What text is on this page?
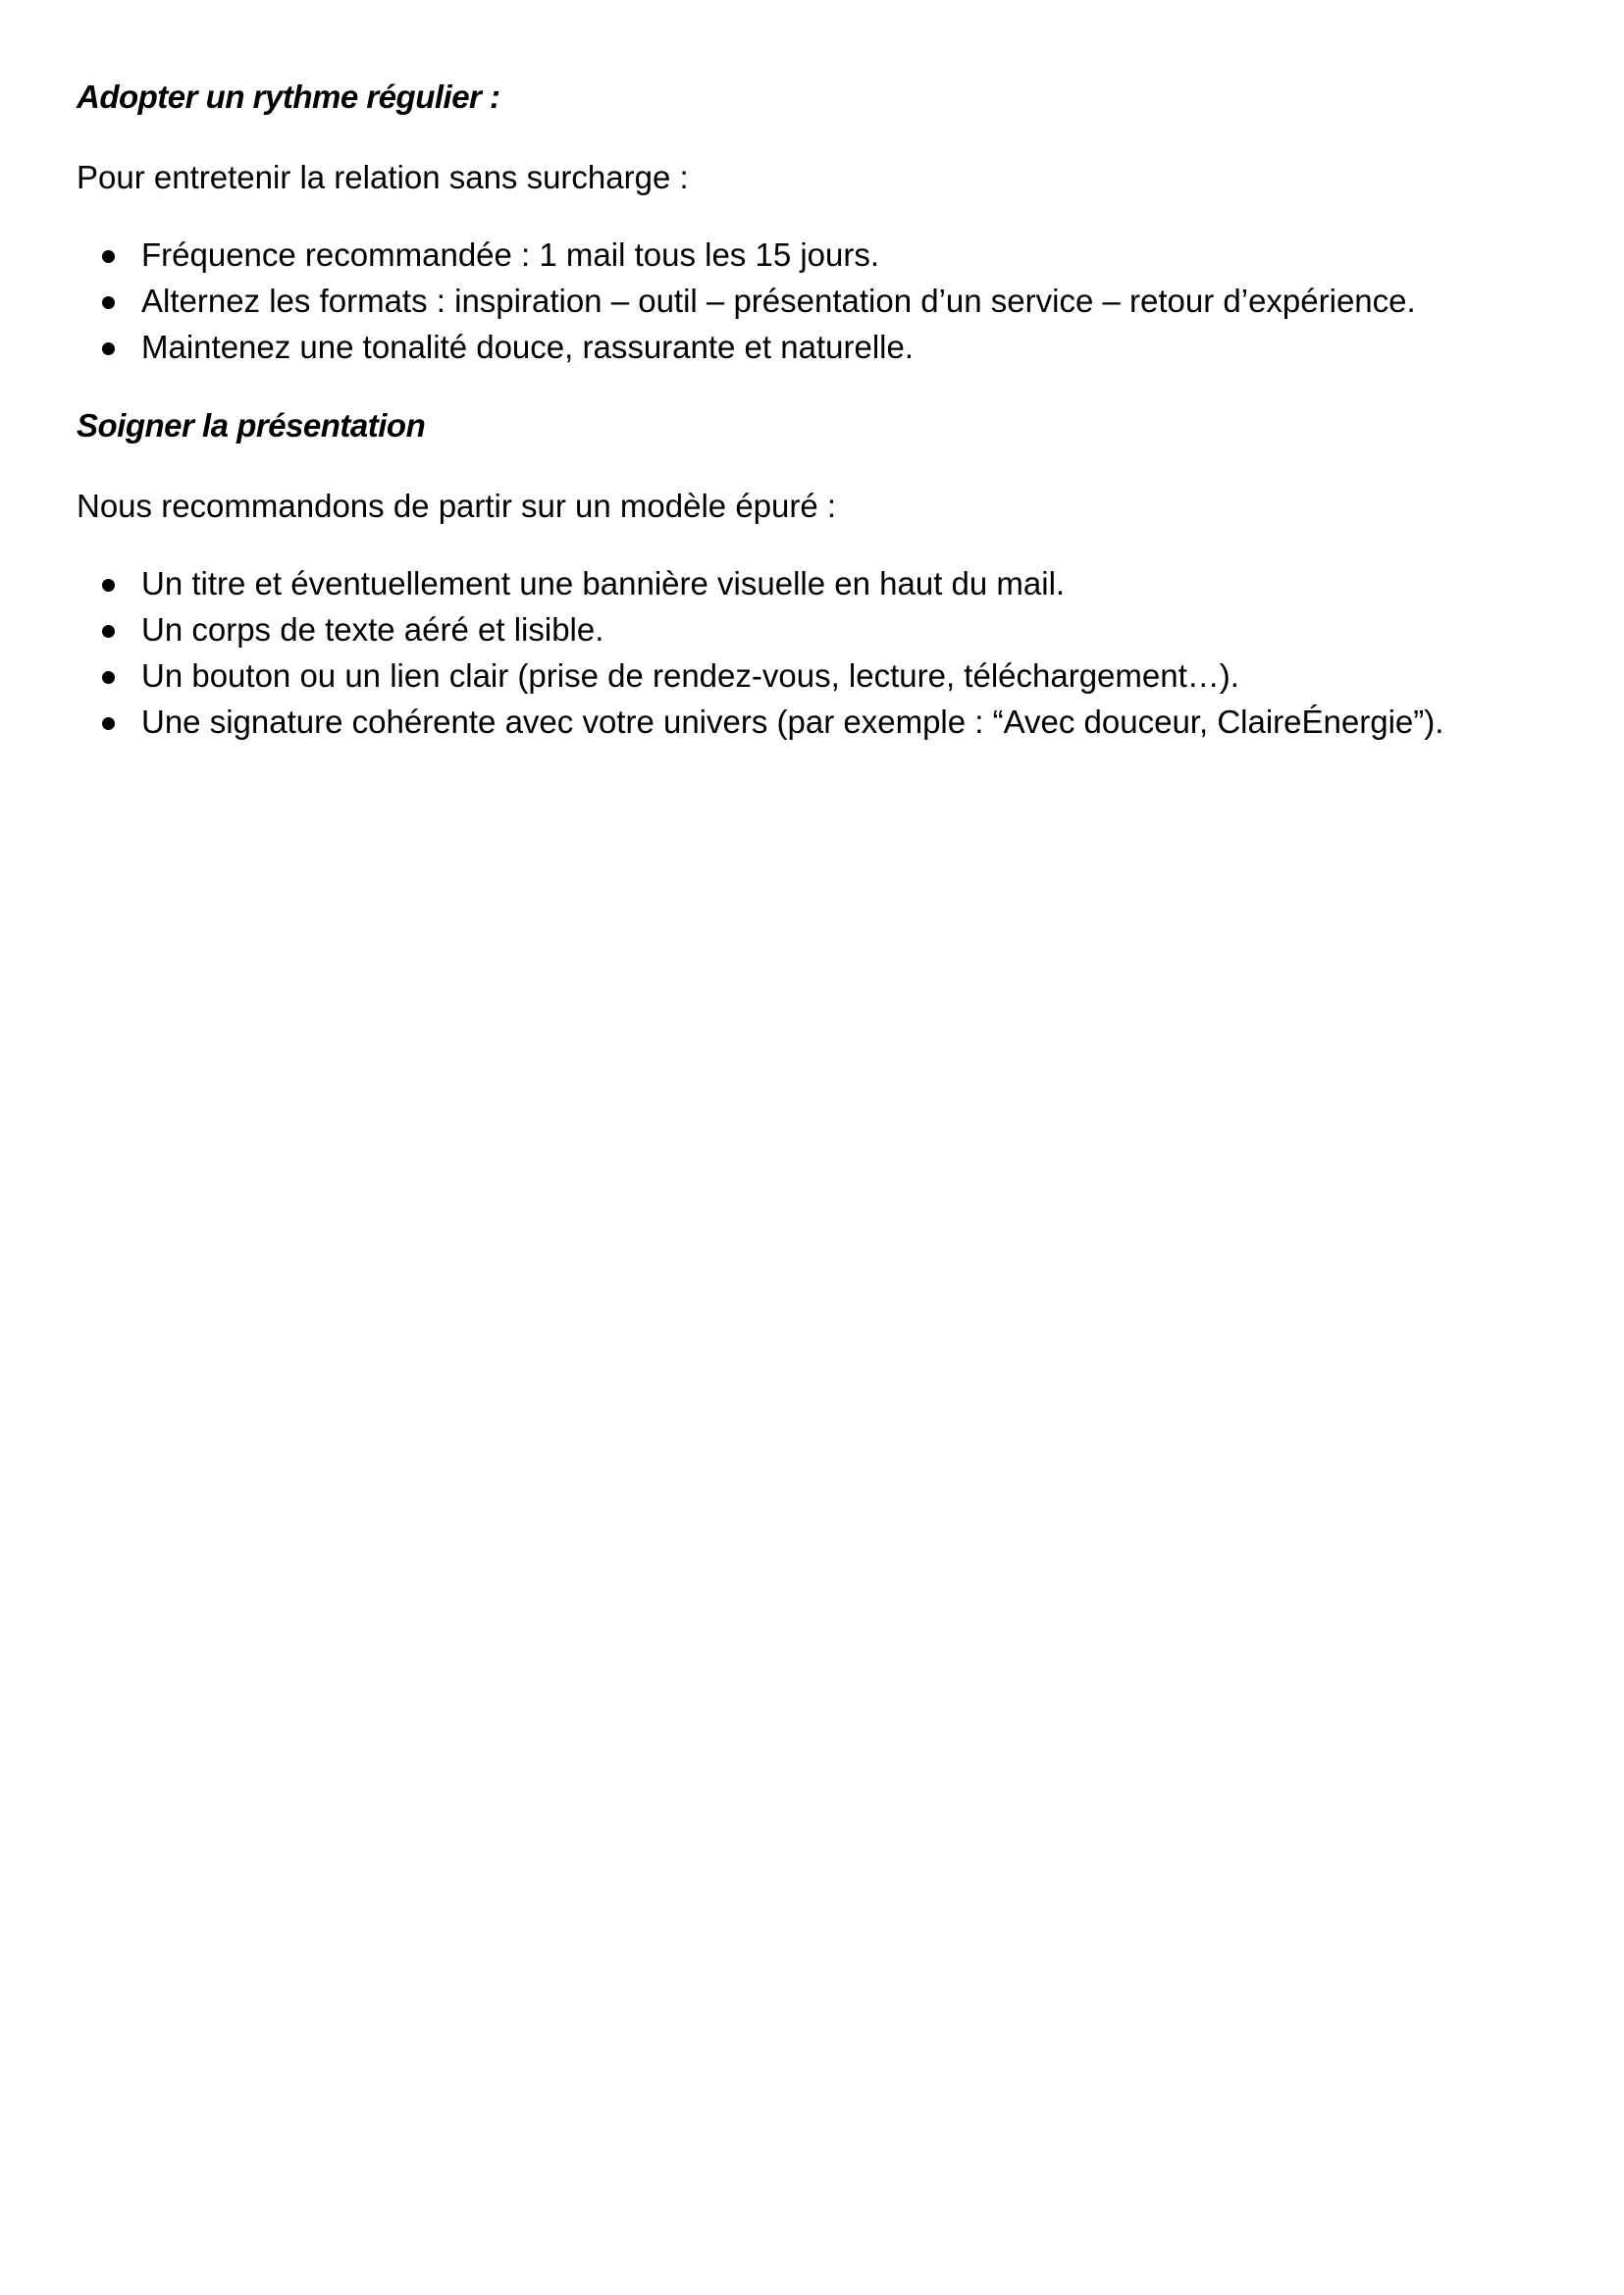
Adopter un rythme régulier :

Pour entretenir la relation sans surcharge :

Fréquence recommandée : 1 mail tous les 15 jours.
Alternez les formats : inspiration – outil – présentation d’un service – retour d’expérience.
Maintenez une tonalité douce, rassurante et naturelle.

Soigner la présentation

Nous recommandons de partir sur un modèle épuré :

Un titre et éventuellement une bannière visuelle en haut du mail.
Un corps de texte aéré et lisible.
Un bouton ou un lien clair (prise de rendez-vous, lecture, téléchargement…).
Une signature cohérente avec votre univers (par exemple : “Avec douceur, ClaireÉnergie”).
